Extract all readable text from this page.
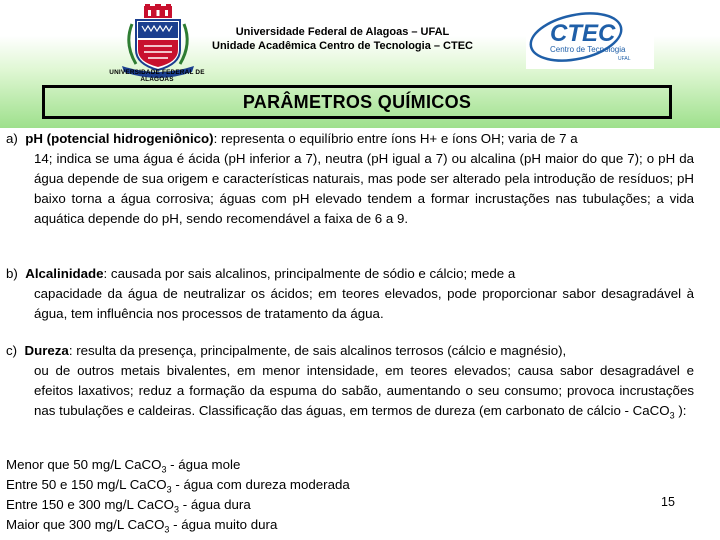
UNIVERSIDADE FEDERAL DE ALAGOAS
Universidade Federal de Alagoas – UFAL
Unidade Acadêmica Centro de Tecnologia – CTEC	CTEC
Centro de Tecnologia
UFAL
PARÂMETROS QUÍMICOS

a) pH (potencial hidrogeniônico): representa o equilíbrio entre íons H+ e íons OH; varia de 7 a
14; indica se uma água é ácida (pH inferior a 7), neutra (pH igual a 7) ou alcalina (pH maior do que 7); o pH da água depende de sua origem e características naturais, mas pode ser alterado pela introdução de resíduos; pH baixo torna a água corrosiva; águas com pH elevado tendem a formar incrustações nas tubulações; a vida aquática depende do pH, sendo recomendável a faixa de 6 a 9.

b) Alcalinidade: causada por sais alcalinos, principalmente de sódio e cálcio; mede a
capacidade da água de neutralizar os ácidos; em teores elevados, pode proporcionar sabor desagradável à água, tem influência nos processos de tratamento da água.

c) Dureza: resulta da presença, principalmente, de sais alcalinos terrosos (cálcio e magnésio),
ou de outros metais bivalentes, em menor intensidade, em teores elevados; causa sabor desagradável e efeitos laxativos; reduz a formação da espuma do sabão, aumentando o seu consumo; provoca incrustações nas tubulações e caldeiras. Classificação das águas, em termos de dureza (em carbonato de cálcio - CaCO$_3$ ):

Menor que 50 mg/L CaCO$_3$ - água mole
Entre 50 e 150 mg/L CaCO$_3$ - água com dureza moderada
Entre 150 e 300 mg/L CaCO$_3$ - água dura
Maior que 300 mg/L CaCO$_3$ - água muito dura
15
